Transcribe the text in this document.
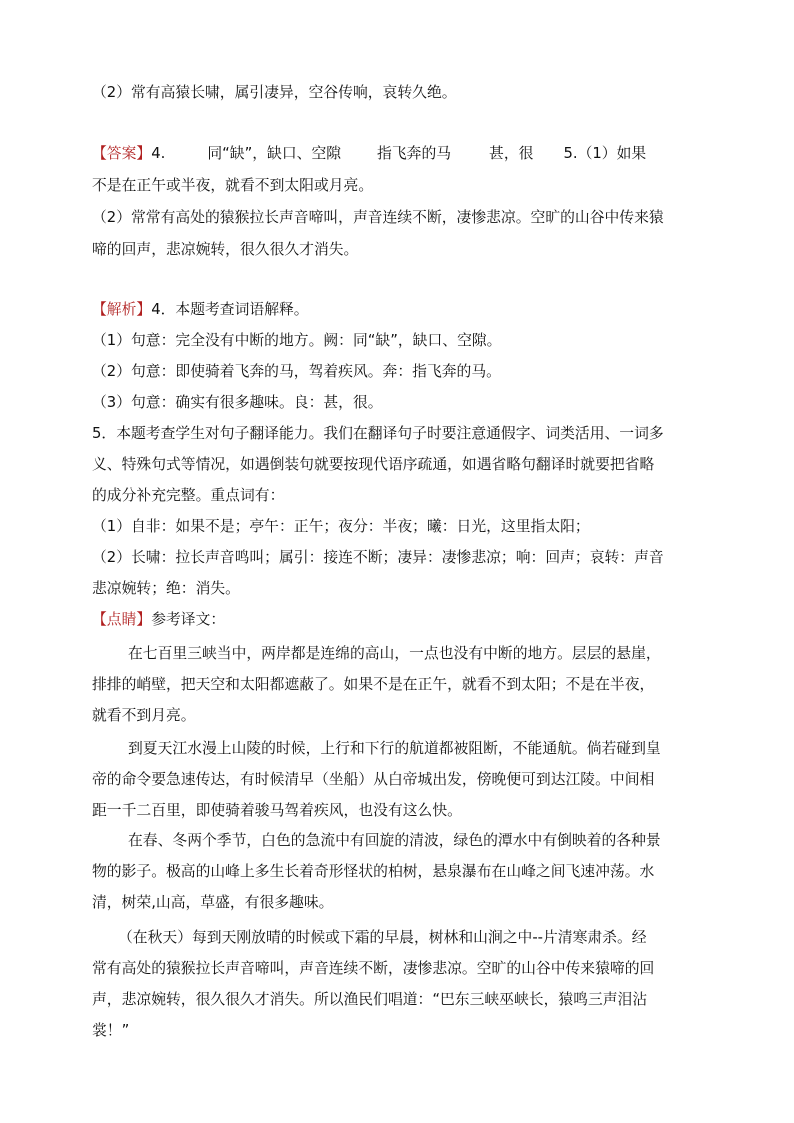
（2）常有高猿长啸，属引凄异，空谷传响，哀转久绝。
【答案】4.	同“缺”，缺口、空隙 指飞奔的马	甚，很 5.（1）如果
不是在正午或半夜，就看不到太阳或月亮。
（2）常常有高处的猿猴拉长声音啼叫，声音连续不断，凄惨悲凉。空旷的山谷中传来猿
啼的回声，悲凉婉转，很久很久才消失。
【解析】4．本题考查词语解释。
（1）句意：完全没有中断的地方。阙：同“缺”，缺口、空隙。
（2）句意：即使骑着飞奔的马，驾着疾风。奔：指飞奔的马。
（3）句意：确实有很多趣味。良：甚，很。
5．本题考查学生对句子翻译能力。我们在翻译句子时要注意通假字、词类活用、一词多
义、特殊句式等情况，如遇倒装句就要按现代语序疏通，如遇省略句翻译时就要把省略
的成分补充完整。重点词有：
（1）自非：如果不是；亭午：正午；夜分：半夜；曦：日光，这里指太阳；
（2）长啸：拉长声音鸣叫；属引：接连不断；凄异：凄惨悲凉；响：回声；哀转：声音
悲凉婉转；绝：消失。
【点睛】参考译文：
在七百里三峡当中，两岸都是连绵的高山，一点也没有中断的地方。层层的悬崖，
排排的峭壁，把天空和太阳都遮蔽了。如果不是在正午，就看不到太阳；不是在半夜，
就看不到月亮。
到夏天江水漫上山陵的时候，上行和下行的航道都被阻断，不能通航。倘若碰到皇
帝的命令要急速传达，有时候清早（坐船）从白帝城出发，傍晚便可到达江陵。中间相
距一千二百里，即使骑着骏马驾着疾风，也没有这么快。
在春、冬两个季节，白色的急流中有回旋的清波，绿色的潭水中有倒映着的各种景
物的影子。极高的山峰上多生长着奇形怪状的柏树，悬泉瀑布在山峰之间飞速冲荡。水
清，树荣,山高，草盛，有很多趣味。
（在秋天）每到天刚放晴的时候或下霜的早晨，树林和山涧之中--片清寒肃杀。经
常有高处的猿猴拉长声音啼叫，声音连续不断，凄惨悲凉。空旷的山谷中传来猿啼的回
声，悲凉婉转，很久很久才消失。所以渔民们唱道：“巴东三峡巫峡长，猿鸣三声泪沾
裳！”
